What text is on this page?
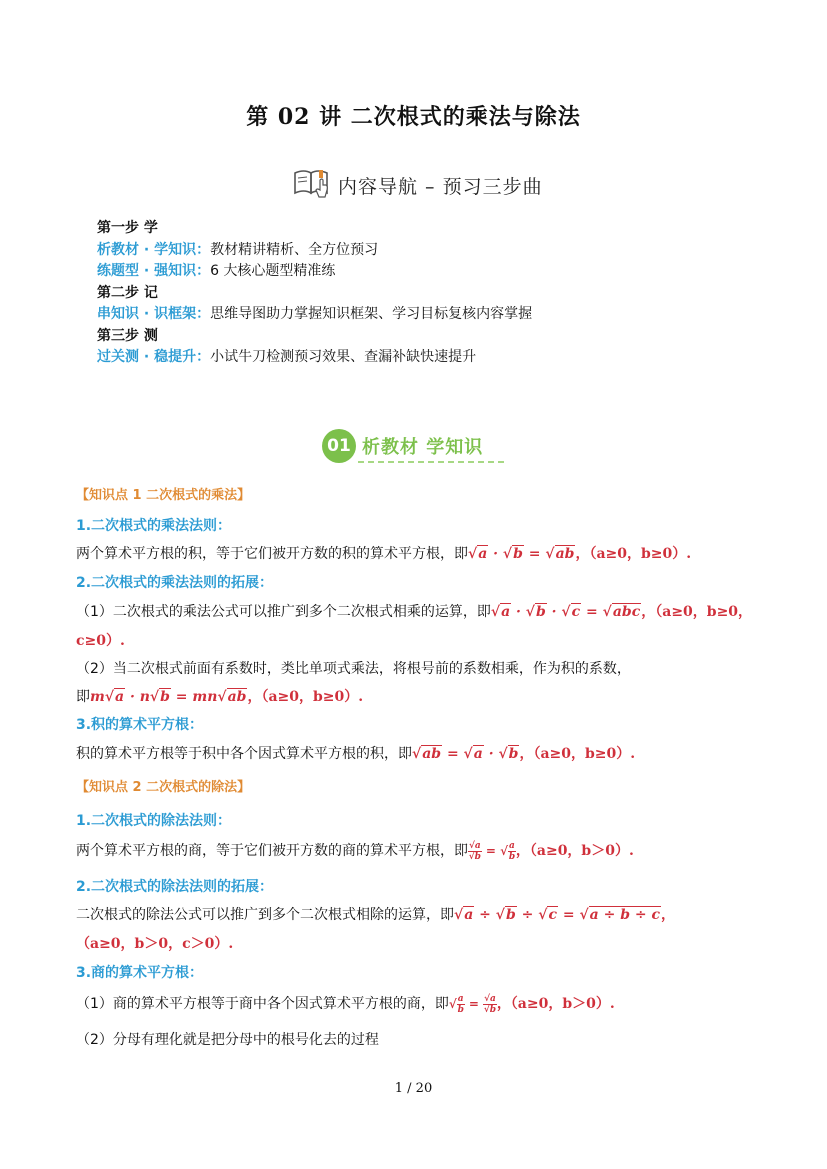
第 02 讲 二次根式的乘法与除法
内容导航 – 预习三步曲
第一步 学
析教材 · 学知识：教材精讲精析、全方位预习
练题型 · 强知识：6 大核心题型精准练
第二步 记
串知识 · 识框架：思维导图助力掌握知识框架、学习目标复核内容掌握
第三步 测
过关测 · 稳提升：小试牛刀检测预习效果、查漏补缺快速提升
01 析教材 学知识
【知识点 1 二次根式的乘法】
1.二次根式的乘法法则：
两个算术平方根的积，等于它们被开方数的积的算术平方根，即√a · √b = √ab，（a≥0，b≥0）.
2.二次根式的乘法法则的拓展：
（1）二次根式的乘法公式可以推广到多个二次根式相乘的运算，即√a · √b · √c = √abc，（a≥0，b≥0，
c≥0）.
（2）当二次根式前面有系数时，类比单项式乘法，将根号前的系数相乘，作为积的系数，
即m√a · n√b = mn√ab，（a≥0，b≥0）.
3.积的算术平方根：
积的算术平方根等于积中各个因式算术平方根的积，即√ab = √a · √b，（a≥0，b≥0）.
【知识点 2 二次根式的除法】
1.二次根式的除法法则：
两个算术平方根的商，等于它们被开方数的商的算术平方根，即 $\frac{√a}{√b}$ = √ $\frac{a}{b}$ ，（a≥0，b＞0）.
2.二次根式的除法法则的拓展：
二次根式的除法公式可以推广到多个二次根式相除的运算，即√a ÷ √b ÷ √c = √a ÷ b ÷ c，
（a≥0，b＞0，c＞0）.
3.商的算术平方根：
（1）商的算术平方根等于商中各个因式算术平方根的商，即√ $\frac{a}{b} = \frac{√a}{√b}$ ，（a≥0，b＞0）.
（2）分母有理化就是把分母中的根号化去的过程
1 / 20
